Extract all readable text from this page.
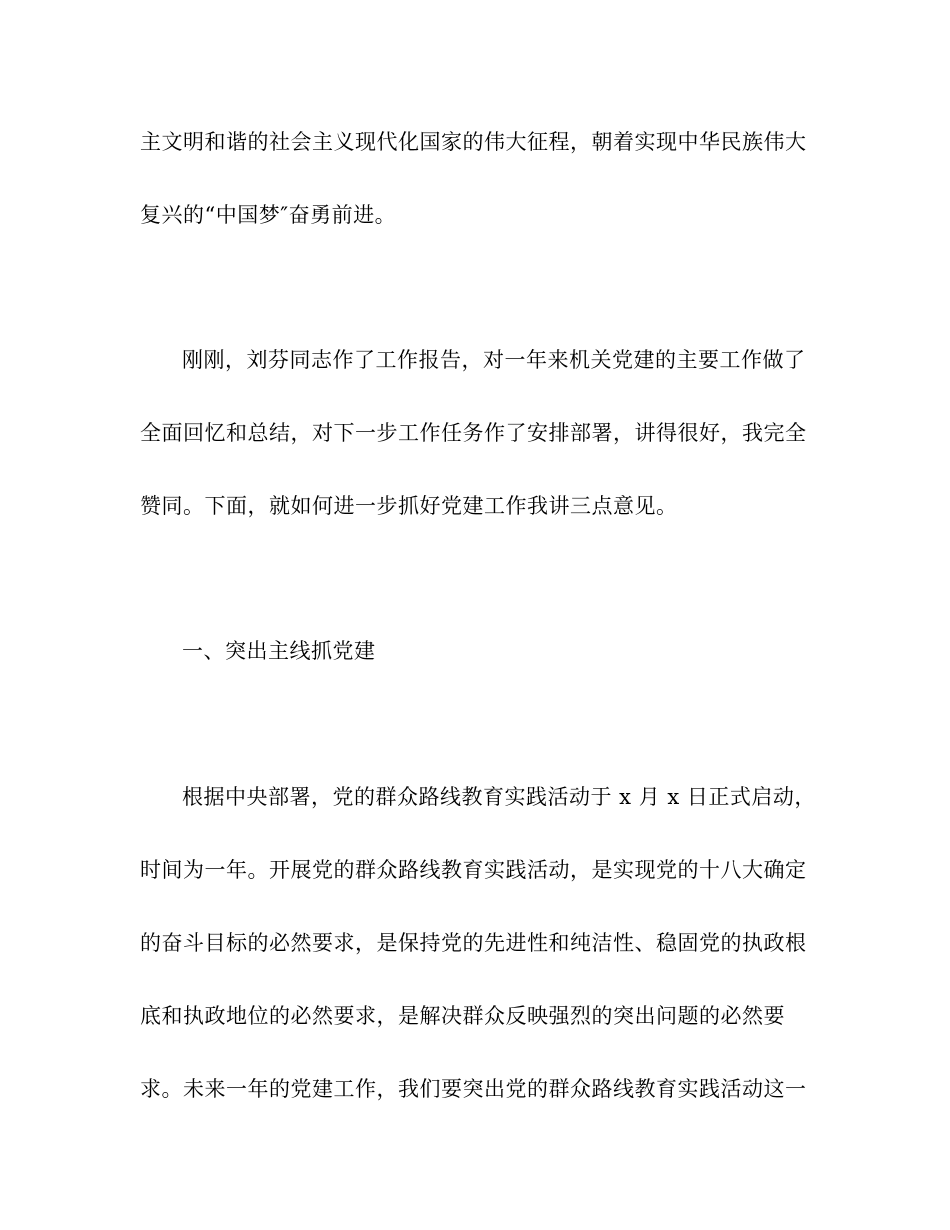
主文明和谐的社会主义现代化国家的伟大征程，朝着实现中华民族伟大
复兴的“中国梦″奋勇前进。
刚刚，刘芬同志作了工作报告，对一年来机关党建的主要工作做了
全面回忆和总结，对下一步工作任务作了安排部署，讲得很好，我完全
赞同。下面，就如何进一步抓好党建工作我讲三点意见。
一、突出主线抓党建
根据中央部署，党的群众路线教育实践活动于 x 月 x 日正式启动，
时间为一年。开展党的群众路线教育实践活动，是实现党的十八大确定
的奋斗目标的必然要求，是保持党的先进性和纯洁性、稳固党的执政根
底和执政地位的必然要求，是解决群众反映强烈的突出问题的必然要
求。未来一年的党建工作，我们要突出党的群众路线教育实践活动这一
